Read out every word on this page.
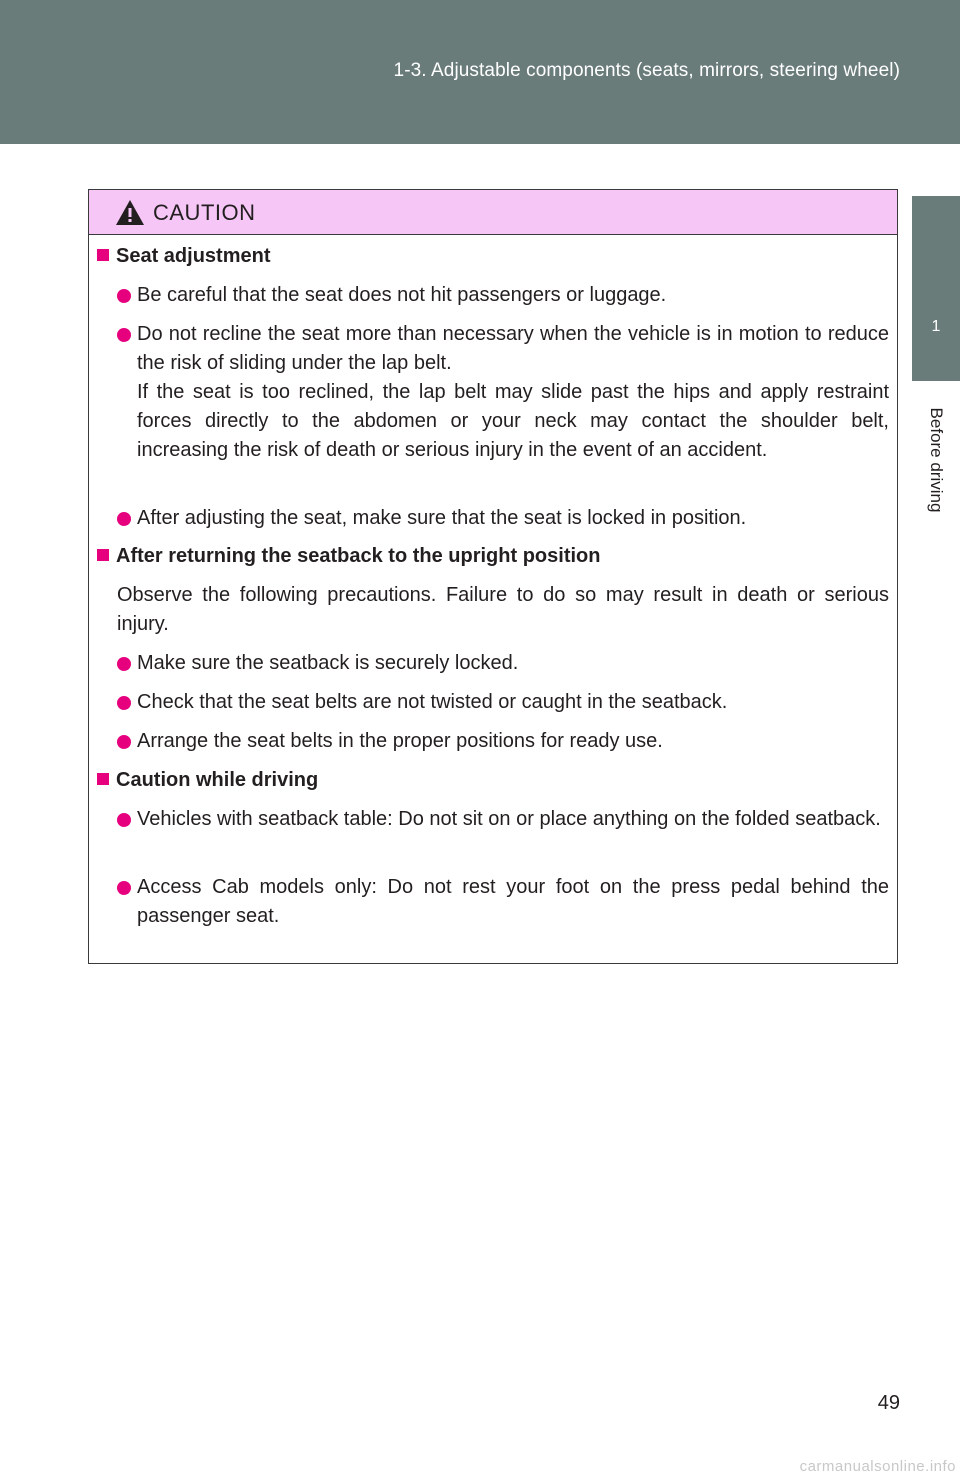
1-3. Adjustable components (seats, mirrors, steering wheel)
1
Before driving
CAUTION
Seat adjustment
Be careful that the seat does not hit passengers or luggage.
Do not recline the seat more than necessary when the vehicle is in motion to reduce the risk of sliding under the lap belt.
If the seat is too reclined, the lap belt may slide past the hips and apply restraint forces directly to the abdomen or your neck may contact the shoulder belt, increasing the risk of death or serious injury in the event of an accident.
After adjusting the seat, make sure that the seat is locked in position.
After returning the seatback to the upright position
Observe the following precautions. Failure to do so may result in death or serious injury.
Make sure the seatback is securely locked.
Check that the seat belts are not twisted or caught in the seatback.
Arrange the seat belts in the proper positions for ready use.
Caution while driving
Vehicles with seatback table: Do not sit on or place anything on the folded seatback.
Access Cab models only: Do not rest your foot on the press pedal behind the passenger seat.
49
carmanualsonline.info
